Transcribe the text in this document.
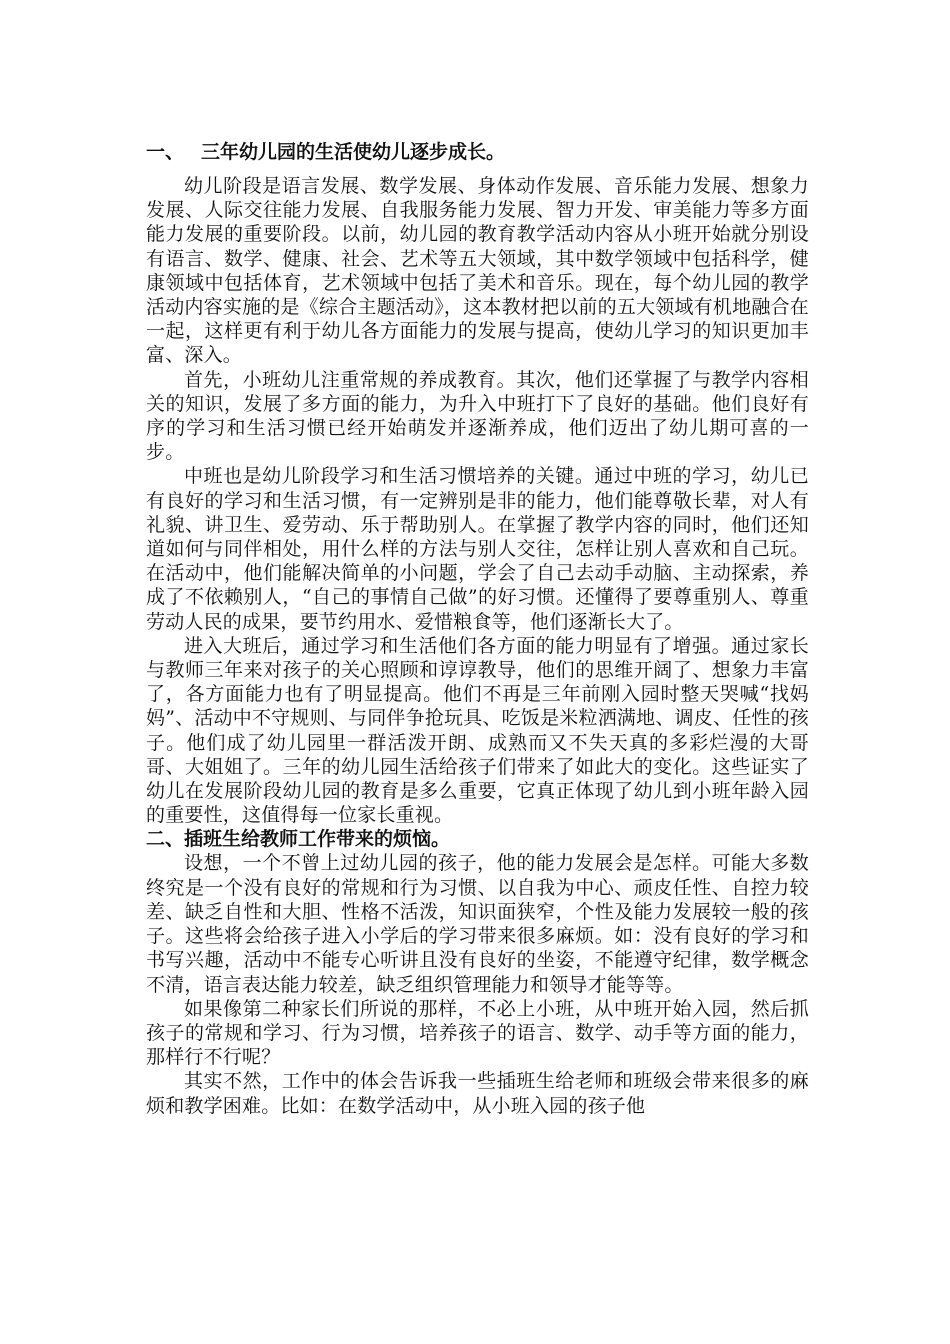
一、 三年幼儿园的生活使幼儿逐步成长。

幼儿阶段是语言发展、数学发展、身体动作发展、音乐能力发展、想象力发展、人际交往能力发展、自我服务能力发展、智力开发、审美能力等多方面能力发展的重要阶段。以前，幼儿园的教育教学活动内容从小班开始就分别设有语言、数学、健康、社会、艺术等五大领域，其中数学领域中包括科学，健康领域中包括体育，艺术领域中包括了美术和音乐。现在，每个幼儿园的教学活动内容实施的是《综合主题活动》，这本教材把以前的五大领域有机地融合在一起，这样更有利于幼儿各方面能力的发展与提高，使幼儿学习的知识更加丰富、深入。

首先，小班幼儿注重常规的养成教育。其次，他们还掌握了与教学内容相关的知识，发展了多方面的能力，为升入中班打下了良好的基础。他们良好有序的学习和生活习惯已经开始萌发并逐渐养成，他们迈出了幼儿期可喜的一步。

中班也是幼儿阶段学习和生活习惯培养的关键。通过中班的学习，幼儿已有良好的学习和生活习惯，有一定辨别是非的能力，他们能尊敬长辈，对人有礼貌、讲卫生、爱劳动、乐于帮助别人。在掌握了教学内容的同时，他们还知道如何与同伴相处，用什么样的方法与别人交往，怎样让别人喜欢和自己玩。在活动中，他们能解决简单的小问题，学会了自己去动手动脑、主动探索，养成了不依赖别人，“自己的事情自己做”的好习惯。还懂得了要尊重别人、尊重劳动人民的成果，要节约用水、爱惜粮食等，他们逐渐长大了。

进入大班后，通过学习和生活他们各方面的能力明显有了增强。通过家长与教师三年来对孩子的关心照顾和谆谆教导，他们的思维开阔了、想象力丰富了，各方面能力也有了明显提高。他们不再是三年前刚入园时整天哭喊“找妈妈”、活动中不守规则、与同伴争抢玩具、吃饭是米粒洒满地、调皮、任性的孩子。他们成了幼儿园里一群活泼开朗、成熟而又不失天真的多彩烂漫的大哥哥、大姐姐了。三年的幼儿园生活给孩子们带来了如此大的变化。这些证实了幼儿在发展阶段幼儿园的教育是多么重要，它真正体现了幼儿到小班年龄入园的重要性，这值得每一位家长重视。

二、插班生给教师工作带来的烦恼。

设想，一个不曾上过幼儿园的孩子，他的能力发展会是怎样。可能大多数终究是一个没有良好的常规和行为习惯、以自我为中心、顽皮任性、自控力较差、缺乏自性和大胆、性格不活泼，知识面狭窄，个性及能力发展较一般的孩子。这些将会给孩子进入小学后的学习带来很多麻烦。如：没有良好的学习和书写兴趣，活动中不能专心听讲且没有良好的坐姿，不能遵守纪律，数学概念不清，语言表达能力较差，缺乏组织管理能力和领导才能等等。

如果像第二种家长们所说的那样，不必上小班，从中班开始入园，然后抓孩子的常规和学习、行为习惯，培养孩子的语言、数学、动手等方面的能力，那样行不行呢？

其实不然，工作中的体会告诉我一些插班生给老师和班级会带来很多的麻烦和教学困难。比如：在数学活动中，从小班入园的孩子他
